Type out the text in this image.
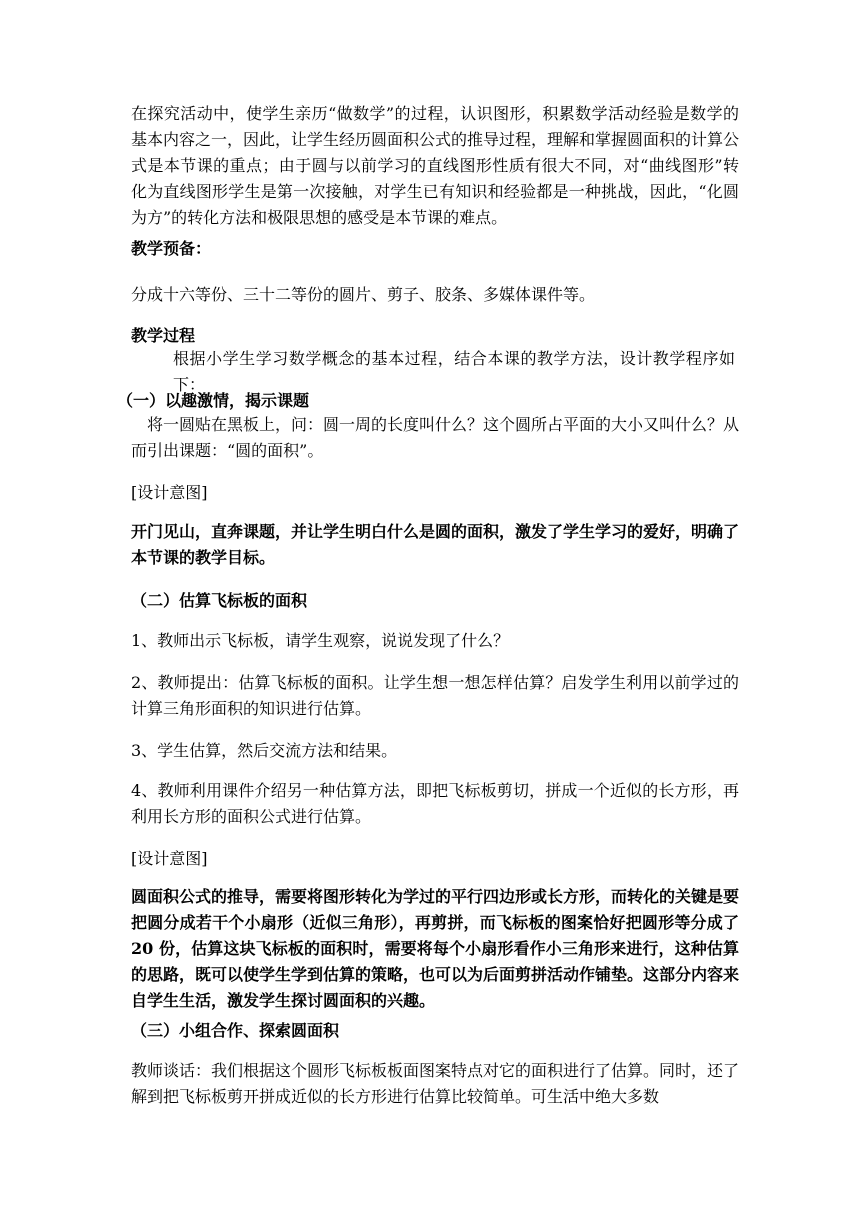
在探究活动中，使学生亲历“做数学”的过程，认识图形，积累数学活动经验是数学的基本内容之一，因此，让学生经历圆面积公式的推导过程，理解和掌握圆面积的计算公式是本节课的重点；由于圆与以前学习的直线图形性质有很大不同，对“曲线图形”转化为直线图形学生是第一次接触，对学生已有知识和经验都是一种挑战，因此，“化圆为方”的转化方法和极限思想的感受是本节课的难点。

教学预备：

分成十六等份、三十二等份的圆片、剪子、胶条、多媒体课件等。

教学过程

根据小学生学习数学概念的基本过程，结合本课的教学方法，设计教学程序如下：

（一）以趣激情，揭示课题

将一圆贴在黑板上，问：圆一周的长度叫什么？这个圆所占平面的大小又叫什么？从而引出课题：“圆的面积”。

[设计意图]

开门见山，直奔课题，并让学生明白什么是圆的面积，激发了学生学习的爱好，明确了本节课的教学目标。

（二）估算飞标板的面积

1、教师出示飞标板，请学生观察，说说发现了什么？

2、教师提出：估算飞标板的面积。让学生想一想怎样估算？启发学生利用以前学过的计算三角形面积的知识进行估算。

3、学生估算，然后交流方法和结果。

4、教师利用课件介绍另一种估算方法，即把飞标板剪切，拼成一个近似的长方形，再利用长方形的面积公式进行估算。

[设计意图]

圆面积公式的推导，需要将图形转化为学过的平行四边形或长方形，而转化的关键是要把圆分成若干个小扇形（近似三角形），再剪拼，而飞标板的图案恰好把圆形等分成了 20 份，估算这块飞标板的面积时，需要将每个小扇形看作小三角形来进行，这种估算的思路，既可以使学生学到估算的策略，也可以为后面剪拼活动作铺垫。这部分内容来自学生生活，激发学生探讨圆面积的兴趣。

（三）小组合作、探索圆面积

教师谈话：我们根据这个圆形飞标板板面图案特点对它的面积进行了估算。同时，还了解到把飞标板剪开拼成近似的长方形进行估算比较简单。可生活中绝大多数
